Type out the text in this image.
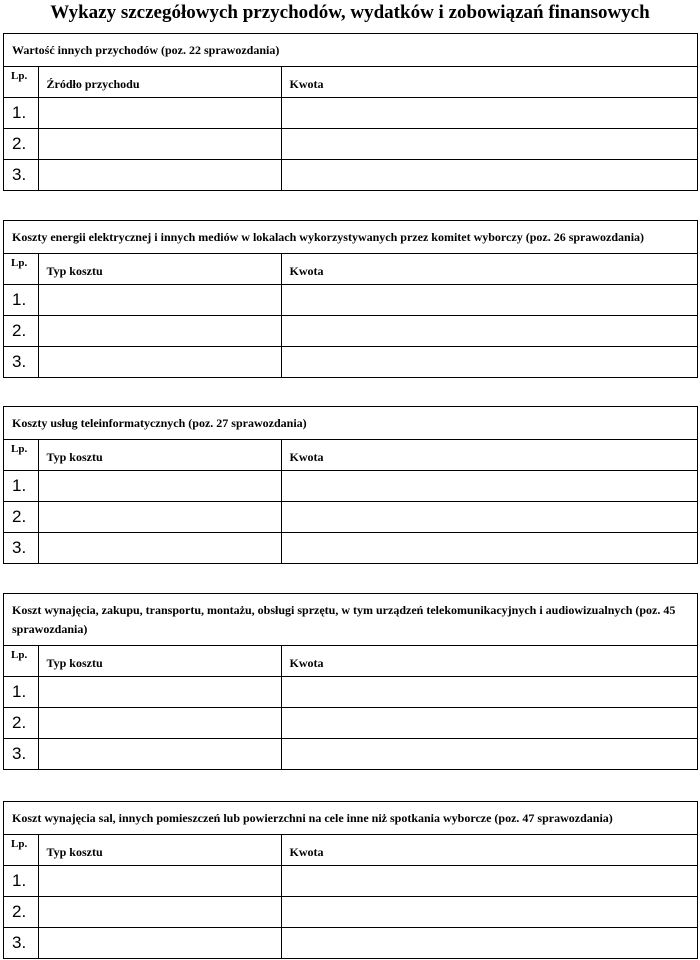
Wykazy szczegółowych przychodów, wydatków i zobowiązań finansowych
Wartość innych przychodów (poz. 22 sprawozdania)
Lp.	Źródło przychodu	Kwota
1.		
2.		
3.		
Koszty energii elektrycznej i innych mediów w lokalach wykorzystywanych przez komitet wyborczy (poz. 26 sprawozdania)
Lp.	Typ kosztu	Kwota
1.		
2.		
3.		
Koszty usług teleinformatycznych (poz. 27 sprawozdania)
Lp.	Typ kosztu	Kwota
1.		
2.		
3.		
Koszt wynajęcia, zakupu, transportu, montażu, obsługi sprzętu, w tym urządzeń telekomunikacyjnych i audiowizualnych (poz. 45 sprawozdania)
Lp.	Typ kosztu	Kwota
1.		
2.		
3.		
Koszt wynajęcia sal, innych pomieszczeń lub powierzchni na cele inne niż spotkania wyborcze (poz. 47 sprawozdania)
Lp.	Typ kosztu	Kwota
1.		
2.		
3.		
